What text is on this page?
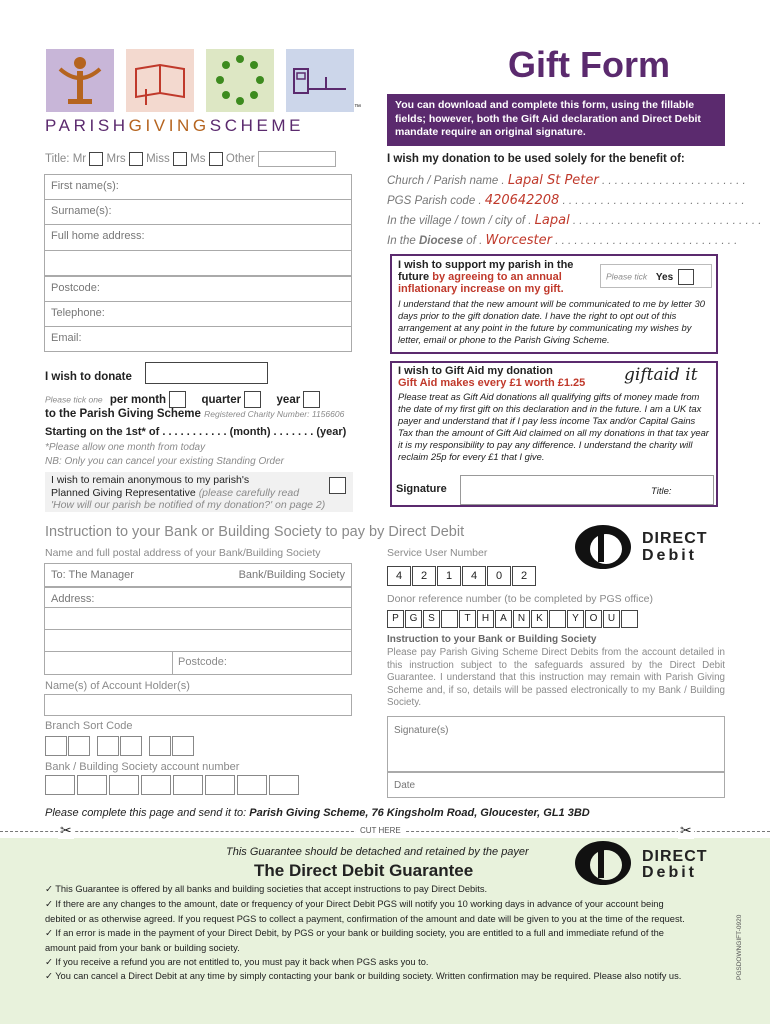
™
PARISHGIVINGSCHEME
Gift Form
You can download and complete this form, using the fillable fields; however, both the Gift Aid declaration and Direct Debit mandate require an original signature.
Title: Mr Mrs Miss Ms Other
First name(s):
Surname(s):
Full home address:
Postcode:
Telephone:
Email:
I wish to donate
Please tick one per month	quarter	year
to the Parish Giving Scheme Registered Charity Number: 1156606
Starting on the 1st* of . . . . . . . . . . . (month) . . . . . . . (year)
*Please allow one month from today
NB: Only you can cancel your existing Standing Order
I wish to remain anonymous to my parish's
Planned Giving Representative (please carefully read
'How will our parish be notified of my donation?' on page 2)
I wish my donation to be used solely for the benefit of:
Church / Parish name . Lapal St Peter . . . . . . . . . . . . . . . . . . . . . . .
PGS Parish code . 420642208 . . . . . . . . . . . . . . . . . . . . . . . . . . . . .
In the village / town / city of . Lapal . . . . . . . . . . . . . . . . . . . . . . . . . . . . . .
In the Diocese of . Worcester . . . . . . . . . . . . . . . . . . . . . . . . . . . . .
I wish to support my parish in the
future by agreeing to an annual
inflationary increase on my gift.
I understand that the new amount will be communicated to me by letter 30 days prior to the gift donation date. I have the right to opt out of this arrangement at any point in the future by communicating my wishes by letter, email or phone to the Parish Giving Scheme.
Please tick Yes
I wish to Gift Aid my donation
Gift Aid makes every £1 worth £1.25
Please treat as Gift Aid donations all qualifying gifts of money made from the date of my first gift on this declaration and in the future. I am a UK tax payer and understand that if I pay less income Tax and/or Capital Gains Tax than the amount of Gift Aid claimed on all my donations in that tax year it is my responsibility to pay any difference. I understand the charity will reclaim 25p for every £1 that I give.
giftaid it
Signature	Title:
Instruction to your Bank or Building Society to pay by Direct Debit
Name and full postal address of your Bank/Building Society
To: The Manager	Bank/Building Society
Address:
Postcode:
Name(s) of Account Holder(s)
Branch Sort Code
Bank / Building Society account number
DIRECT
Debit
Service User Number
4	2	1	4	0	2
Donor reference number (to be completed by PGS office)
P	G	S	T	H	A	N	K	Y	O	U
Instruction to your Bank or Building Society
Please pay Parish Giving Scheme Direct Debits from the account detailed in this instruction subject to the safeguards assured by the Direct Debit Guarantee. I understand that this instruction may remain with Parish Giving Scheme and, if so, details will be passed electronically to my Bank / Building Society.
Signature(s)
Date
Please complete this page and send it to: Parish Giving Scheme, 76 Kingsholm Road, Gloucester, GL1 3BD
✂	✂
CUT HERE
This Guarantee should be detached and retained by the payer
The Direct Debit Guarantee
DIRECT
Debit
✓ This Guarantee is offered by all banks and building societies that accept instructions to pay Direct Debits.
✓ If there are any changes to the amount, date or frequency of your Direct Debit PGS will notify you 10 working days in advance of your account being
debited or as otherwise agreed. If you request PGS to collect a payment, confirmation of the amount and date will be given to you at the time of the request.
✓ If an error is made in the payment of your Direct Debit, by PGS or your bank or building society, you are entitled to a full and immediate refund of the
amount paid from your bank or building society.
✓ If you receive a refund you are not entitled to, you must pay it back when PGS asks you to.
✓ You can cancel a Direct Debit at any time by simply contacting your bank or building society. Written confirmation may be required. Please also notify us.	PGSDOWNGIFT-0920
